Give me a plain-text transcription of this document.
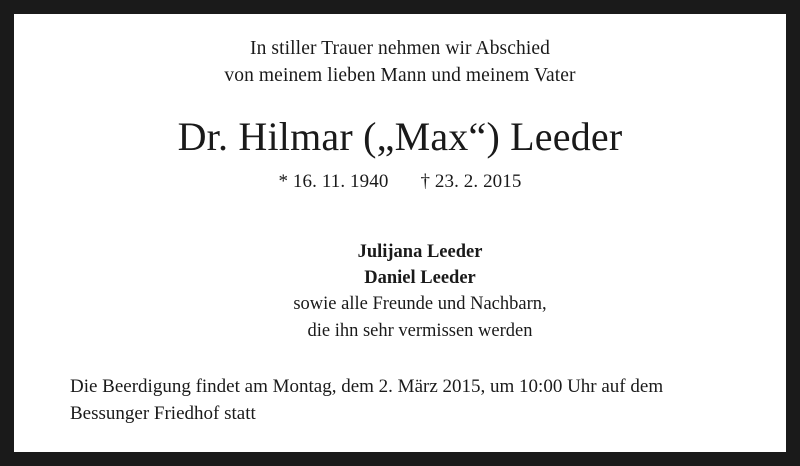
In stiller Trauer nehmen wir Abschied
von meinem lieben Mann und meinem Vater
Dr. Hilmar („Max“) Leeder
* 16. 11. 1940 † 23. 2. 2015
Julijana Leeder
Daniel Leeder
sowie alle Freunde und Nachbarn,
die ihn sehr vermissen werden
Die Beerdigung findet am Montag, dem 2. März 2015, um 10:00 Uhr auf dem
Bessunger Friedhof statt
